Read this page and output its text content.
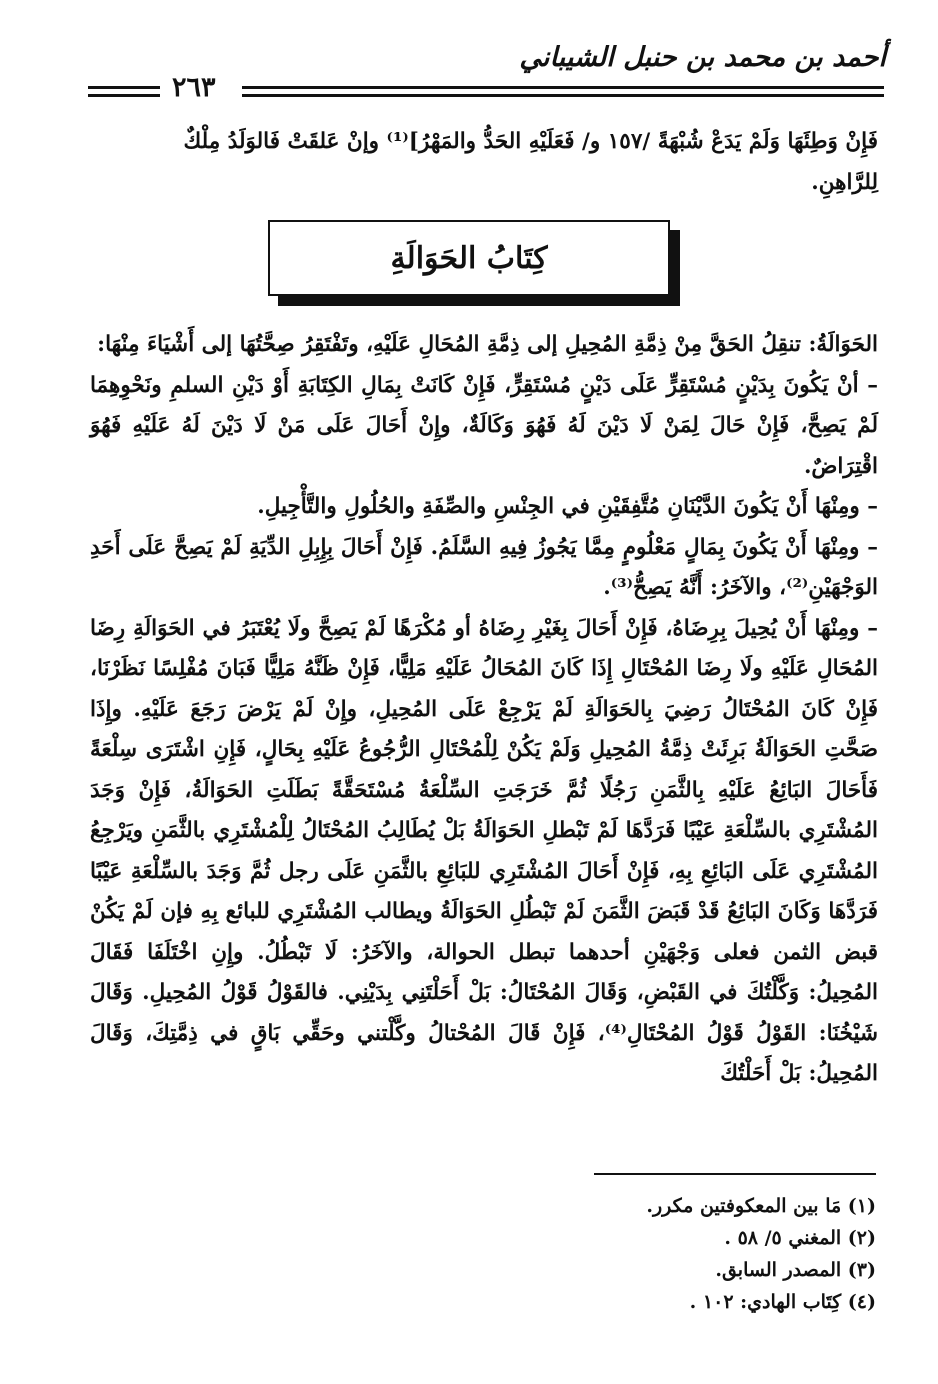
أحمد بن محمد بن حنبل الشيباني
٢٦٣

فَإِنْ وَطِئَهَا وَلَمْ يَدَعْ شُبْهَةً /١٥٧ و/ فَعَلَيْهِ الحَدُّ والمَهْرُ]⁽¹⁾ وإنْ عَلقَتْ فَالوَلَدُ مِلْكٌ

لِلرَّاهِنِ.

كِتَابُ الحَوَالَةِ

الحَوَالَةُ: تنقِلُ الحَقَّ مِنْ ذِمَّةِ المُحِيلِ إلى ذِمَّةِ المُحَالِ عَلَيْهِ، وتَفْتَقِرُ صِحَّتُهَا إلى أَشْيَاءَ مِنْهَا:

– أنْ يَكُونَ بِدَيْنٍ مُسْتَقِرٍّ عَلَى دَيْنٍ مُسْتَقِرٍّ، فَإِنْ كَانَتْ بِمَالِ الكِتَابَةِ أَوْ دَيْنِ السلمِ ونَحْوِهِمَا لَمْ يَصِحَّ، فَإِنْ حَالَ لِمَنْ لَا دَيْنَ لَهُ فَهُوَ وَكَالَةٌ، وإِنْ أَحَالَ عَلَى مَنْ لَا دَيْنَ لَهُ عَلَيْهِ فَهُوَ اقْتِرَاضٌ.

– ومِنْهَا أَنْ يَكُونَ الدَّيْنَانِ مُتَّفِقَيْنِ في الجِنْسِ والصِّفَةِ والحُلُولِ والتَّأْجِيلِ.

– ومِنْهَا أَنْ يَكُونَ بِمَالٍ مَعْلُومٍ مِمَّا يَجُوزُ فِيهِ السَّلَمُ. فَإِنْ أَحَالَ بِإِبِلِ الدِّيَةِ لَمْ يَصِحَّ عَلَى أَحَدِ الوَجْهَيْنِ⁽²⁾، والآخَرُ: أَنَّهُ يَصِحُّ⁽³⁾.

– ومِنْهَا أَنْ يُحِيلَ بِرِضَاهُ، فَإِنْ أَحَالَ بِغَيْرِ رِضَاهُ أو مُكْرَهًا لَمْ يَصِحَّ ولَا يُعْتَبَرُ في الحَوَالَةِ رِضَا المُحَالِ عَلَيْهِ ولَا رِضَا المُحْتَالِ إِذَا كَانَ المُحَالُ عَلَيْهِ مَلِيًّا، فَإِنْ ظَنَّهُ مَلِيًّا فَبَانَ مُفْلِسًا نَظَرْنَا، فَإِنْ كَانَ المُحْتَالُ رَضِيَ بِالحَوَالَةِ لَمْ يَرْجِعْ عَلَى المُحِيلِ، وإِنْ لَمْ يَرْضَ رَجَعَ عَلَيْهِ. وإِذَا صَحَّتِ الحَوَالَةُ بَرِئَتْ ذِمَّةُ المُحِيلِ وَلَمْ يَكُنْ لِلْمُحْتَالِ الرُّجُوعُ عَلَيْهِ بِحَالٍ، فَإِنِ اشْتَرَى سِلْعَةً فَأَحَالَ البَائِعُ عَلَيْهِ بِالثَّمَنِ رَجُلًا ثُمَّ خَرَجَتِ السِّلْعَةُ مُسْتَحَقَّةً بَطَلَتِ الحَوَالَةُ، فَإِنْ وَجَدَ المُشْتَرِي بالسِّلْعَةِ عَيْبًا فَرَدَّهَا لَمْ تَبْطلِ الحَوَالَةُ بَلْ يُطَالِبُ المُحْتَالُ لِلْمُشْتَرِي بالثَّمَنِ ويَرْجِعُ المُشْتَرِي عَلَى البَائِعِ بِهِ، فَإِنْ أَحَالَ المُشْتَرِي للبَائِعِ بالثَّمَنِ عَلَى رجل ثُمَّ وَجَدَ بالسِّلْعَةِ عَيْبًا فَرَدَّهَا وَكَانَ البَائِعُ قَدْ قَبَضَ الثَّمَنَ لَمْ تَبْطُلِ الحَوَالَةُ ويطالب المُشْتَرِي للبائع بِهِ فإن لَمْ يَكُنْ قبض الثمن فعلى وَجْهَيْنِ أحدهما تبطل الحوالة، والآخَرُ: لَا تَبْطُلُ. وإِنِ اخْتَلَفَا فَقَالَ المُحِيلُ: وَكَّلْتُكَ في القَبْضِ، وَقَالَ المُحْتَالُ: بَلْ أَحَلْتَنِي بِدَيْنِي. فالقَوْلُ قَوْلُ المُحِيلِ. وَقَالَ شَيْخُنَا: القَوْلُ قَوْلُ المُحْتَالِ⁽⁴⁾، فَإِنْ قَالَ المُحْتالُ وكَّلْتني وحَقِّي بَاقٍ في ذِمَّتِكَ، وَقَالَ المُحِيلُ: بَلْ أَحَلْتُكَ

(١) مَا بين المعكوفتين مكرر.
(٢) المغني ٥/ ٥٨ .
(٣) المصدر السابق.
(٤) كِتَاب الهادي: ١٠٢ .
